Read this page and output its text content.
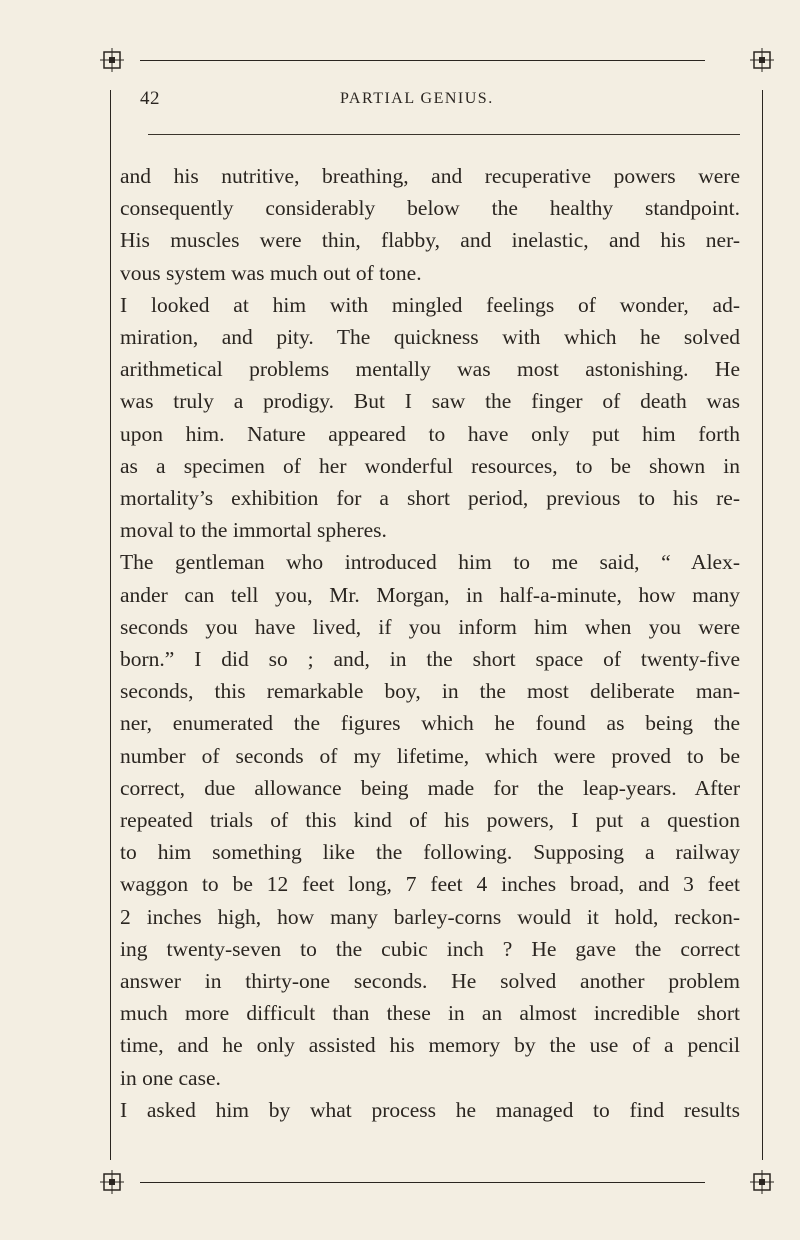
42	PARTIAL GENIUS.
and his nutritive, breathing, and recuperative powers were
consequently considerably below the healthy standpoint.
His muscles were thin, flabby, and inelastic, and his ner-
vous system was much out of tone.
I looked at him with mingled feelings of wonder, ad-
miration, and pity. The quickness with which he solved
arithmetical problems mentally was most astonishing. He
was truly a prodigy. But I saw the finger of death was
upon him. Nature appeared to have only put him forth
as a specimen of her wonderful resources, to be shown in
mortality’s exhibition for a short period, previous to his re-
moval to the immortal spheres.
The gentleman who introduced him to me said, “ Alex-
ander can tell you, Mr. Morgan, in half-a-minute, how many
seconds you have lived, if you inform him when you were
born.” I did so ; and, in the short space of twenty-five
seconds, this remarkable boy, in the most deliberate man-
ner, enumerated the figures which he found as being the
number of seconds of my lifetime, which were proved to be
correct, due allowance being made for the leap-years. After
repeated trials of this kind of his powers, I put a question
to him something like the following. Supposing a railway
waggon to be 12 feet long, 7 feet 4 inches broad, and 3 feet
2 inches high, how many barley-corns would it hold, reckon-
ing twenty-seven to the cubic inch ? He gave the correct
answer in thirty-one seconds. He solved another problem
much more difficult than these in an almost incredible short
time, and he only assisted his memory by the use of a pencil
in one case.
I asked him by what process he managed to find results
